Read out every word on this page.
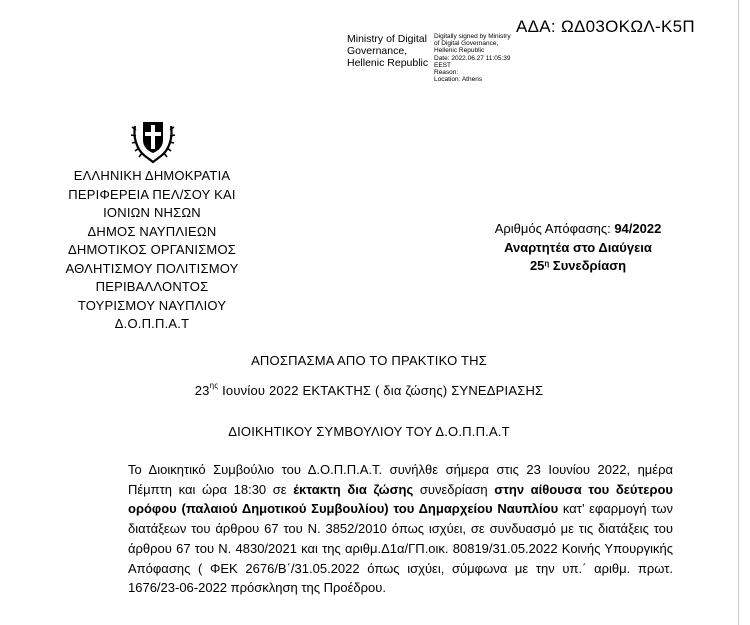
ΑΔΑ: ΩΔ03ΟΚΩΛ-Κ5Π
Ministry of Digital
Governance,
Hellenic Republic
Digitally signed by Ministry
of Digital Governance,
Hellenic Republic
Date: 2022.06.27 11:05:39
EEST
Reason:
Location: Athens
ΕΛΛΗΝΙΚΗ ΔΗΜΟΚΡΑΤΙΑ
ΠΕΡΙΦΕΡΕΙΑ ΠΕΛ/ΣΟΥ ΚΑΙ
ΙΟΝΙΩΝ ΝΗΣΩΝ
ΔΗΜΟΣ ΝΑΥΠΛΙΕΩΝ
ΔΗΜΟΤΙΚΟΣ ΟΡΓΑΝΙΣΜΟΣ
ΑΘΛΗΤΙΣΜΟΥ ΠΟΛΙΤΙΣΜΟΥ
ΠΕΡΙΒΑΛΛΟΝΤΟΣ
ΤΟΥΡΙΣΜΟΥ ΝΑΥΠΛΙΟΥ
Δ.Ο.Π.Π.Α.Τ
Αριθμός Απόφασης: 94/2022
Αναρτητέα στο Διαύγεια
$25^\eta$ Συνεδρίαση
ΑΠΟΣΠΑΣΜΑ ΑΠΟ ΤΟ ΠΡΑΚΤΙΚΟ ΤΗΣ
$23^{\eta\varsigma}$ Ιουνίου 2022 ΕΚΤΑΚΤΗΣ ( δια ζώσης) ΣΥΝΕΔΡΙΑΣΗΣ
ΔΙΟΙΚΗΤΙΚΟΥ ΣΥΜΒΟΥΛΙΟΥ ΤΟΥ Δ.Ο.Π.Π.Α.Τ

Το Διοικητικό Συμβούλιο του Δ.Ο.Π.Π.Α.Τ. συνήλθε σήμερα στις 23 Ιουνίου 2022, ημέρα Πέμπτη και ώρα 18:30 σε έκτακτη δια ζώσης συνεδρίαση στην αίθουσα του δεύτερου ορόφου (παλαιού Δημοτικού Συμβουλίου) του Δημαρχείου Ναυπλίου κατ’ εφαρμογή των διατάξεων του άρθρου 67 του Ν. 3852/2010 όπως ισχύει, σε συνδυασμό με τις διατάξεις του άρθρου 67 του Ν. 4830/2021 και της αριθμ.Δ1α/ΓΠ.οικ. 80819/31.05.2022 Κοινής Υπουργικής Απόφασης ( ΦΕΚ 2676/Β΄/31.05.2022 όπως ισχύει, σύμφωνα με την υπ.΄ αριθμ. πρωτ. 1676/23-06-2022 πρόσκληση της Προέδρου.
